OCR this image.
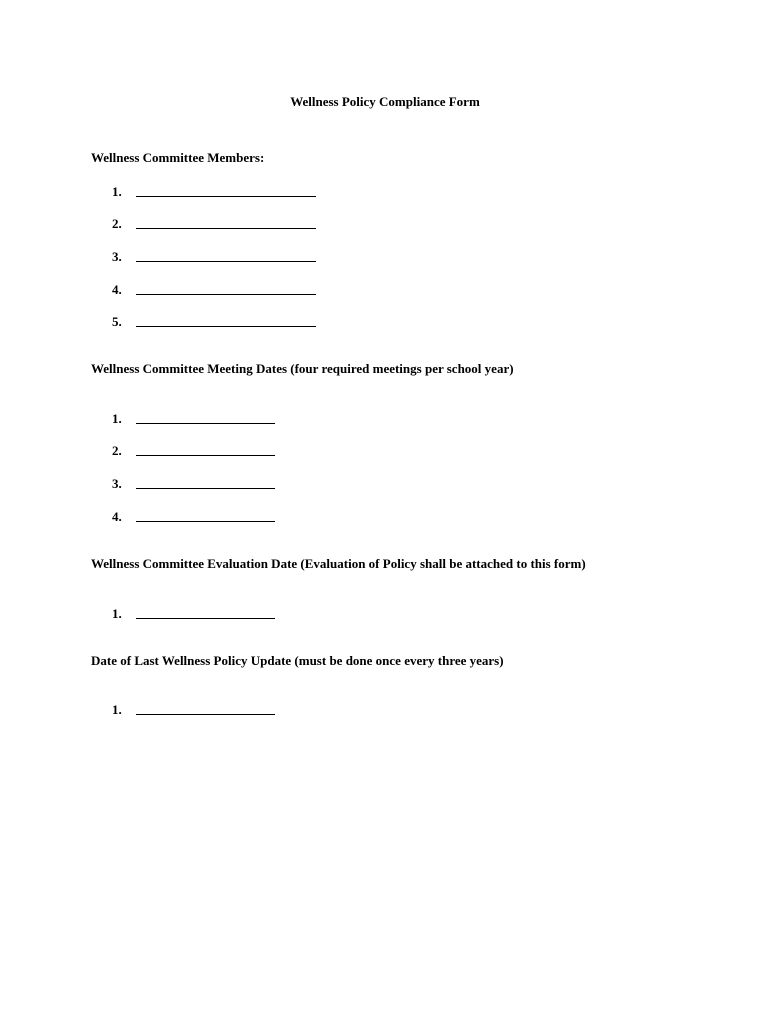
Wellness Policy Compliance Form
Wellness Committee Members:
1.
2.
3.
4.
5.
Wellness Committee Meeting Dates (four required meetings per school year)
1.
2.
3.
4.
Wellness Committee Evaluation Date (Evaluation of Policy shall be attached to this form)
1.
Date of Last Wellness Policy Update (must be done once every three years)
1.
